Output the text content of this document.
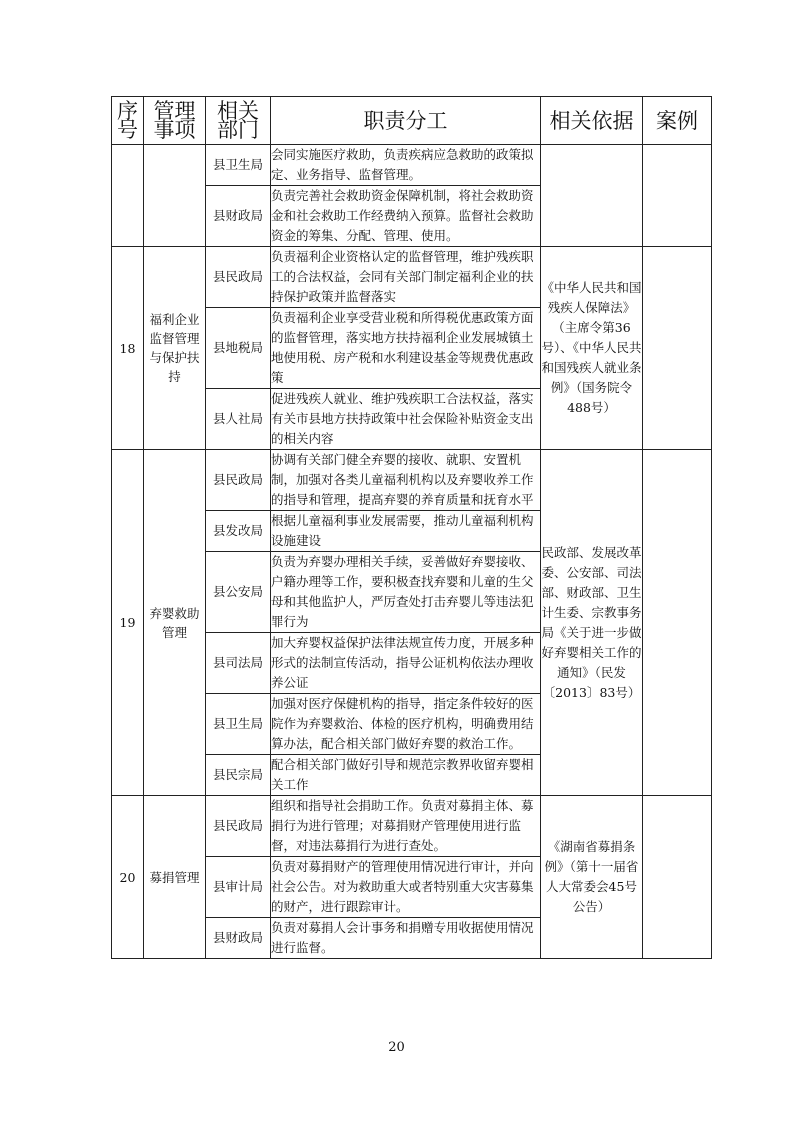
序号	管理事项	相关部门	职责分工	相关依据	案例
		县卫生局	会同实施医疗救助，负责疾病应急救助的政策拟定、业务指导、监督管理。		
		县财政局	负责完善社会救助资金保障机制，将社会救助资金和社会救助工作经费纳入预算。监督社会救助资金的筹集、分配、管理、使用。		
18	福利企业监督管理与保护扶持	县民政局	负责福利企业资格认定的监督管理，维护残疾职工的合法权益，会同有关部门制定福利企业的扶持保护政策并监督落实	《中华人民共和国残疾人保障法》（主席令第36号）、《中华人民共和国残疾人就业条例》（国务院令488号）	
		县地税局	负责福利企业享受营业税和所得税优惠政策方面的监督管理，落实地方扶持福利企业发展城镇土地使用税、房产税和水利建设基金等规费优惠政策		
		县人社局	促进残疾人就业、维护残疾职工合法权益，落实有关市县地方扶持政策中社会保险补贴资金支出的相关内容		
19	弃婴救助管理	县民政局	协调有关部门健全弃婴的接收、就职、安置机制，加强对各类儿童福利机构以及弃婴收养工作的指导和管理，提高弃婴的养育质量和抚育水平	民政部、发展改革委、公安部、司法部、财政部、卫生计生委、宗教事务局《关于进一步做好弃婴相关工作的通知》（民发〔2013〕83号）	
		县发改局	根据儿童福利事业发展需要，推动儿童福利机构设施建设		
		县公安局	负责为弃婴办理相关手续，妥善做好弃婴接收、户籍办理等工作，要积极查找弃婴和儿童的生父母和其他监护人，严厉查处打击弃婴儿等违法犯罪行为		
		县司法局	加大弃婴权益保护法律法规宣传力度，开展多种形式的法制宣传活动，指导公证机构依法办理收养公证		
		县卫生局	加强对医疗保健机构的指导，指定条件较好的医院作为弃婴救治、体检的医疗机构，明确费用结算办法，配合相关部门做好弃婴的救治工作。		
		县民宗局	配合相关部门做好引导和规范宗教界收留弃婴相关工作		
20	募捐管理	县民政局	组织和指导社会捐助工作。负责对募捐主体、募捐行为进行管理；对募捐财产管理使用进行监督，对违法募捐行为进行查处。	《湖南省募捐条例》（第十一届省人大常委会45号公告）	
		县审计局	负责对募捐财产的管理使用情况进行审计，并向社会公告。对为救助重大或者特别重大灾害募集的财产，进行跟踪审计。		
		县财政局	负责对募捐人会计事务和捐赠专用收据使用情况进行监督。		
20
